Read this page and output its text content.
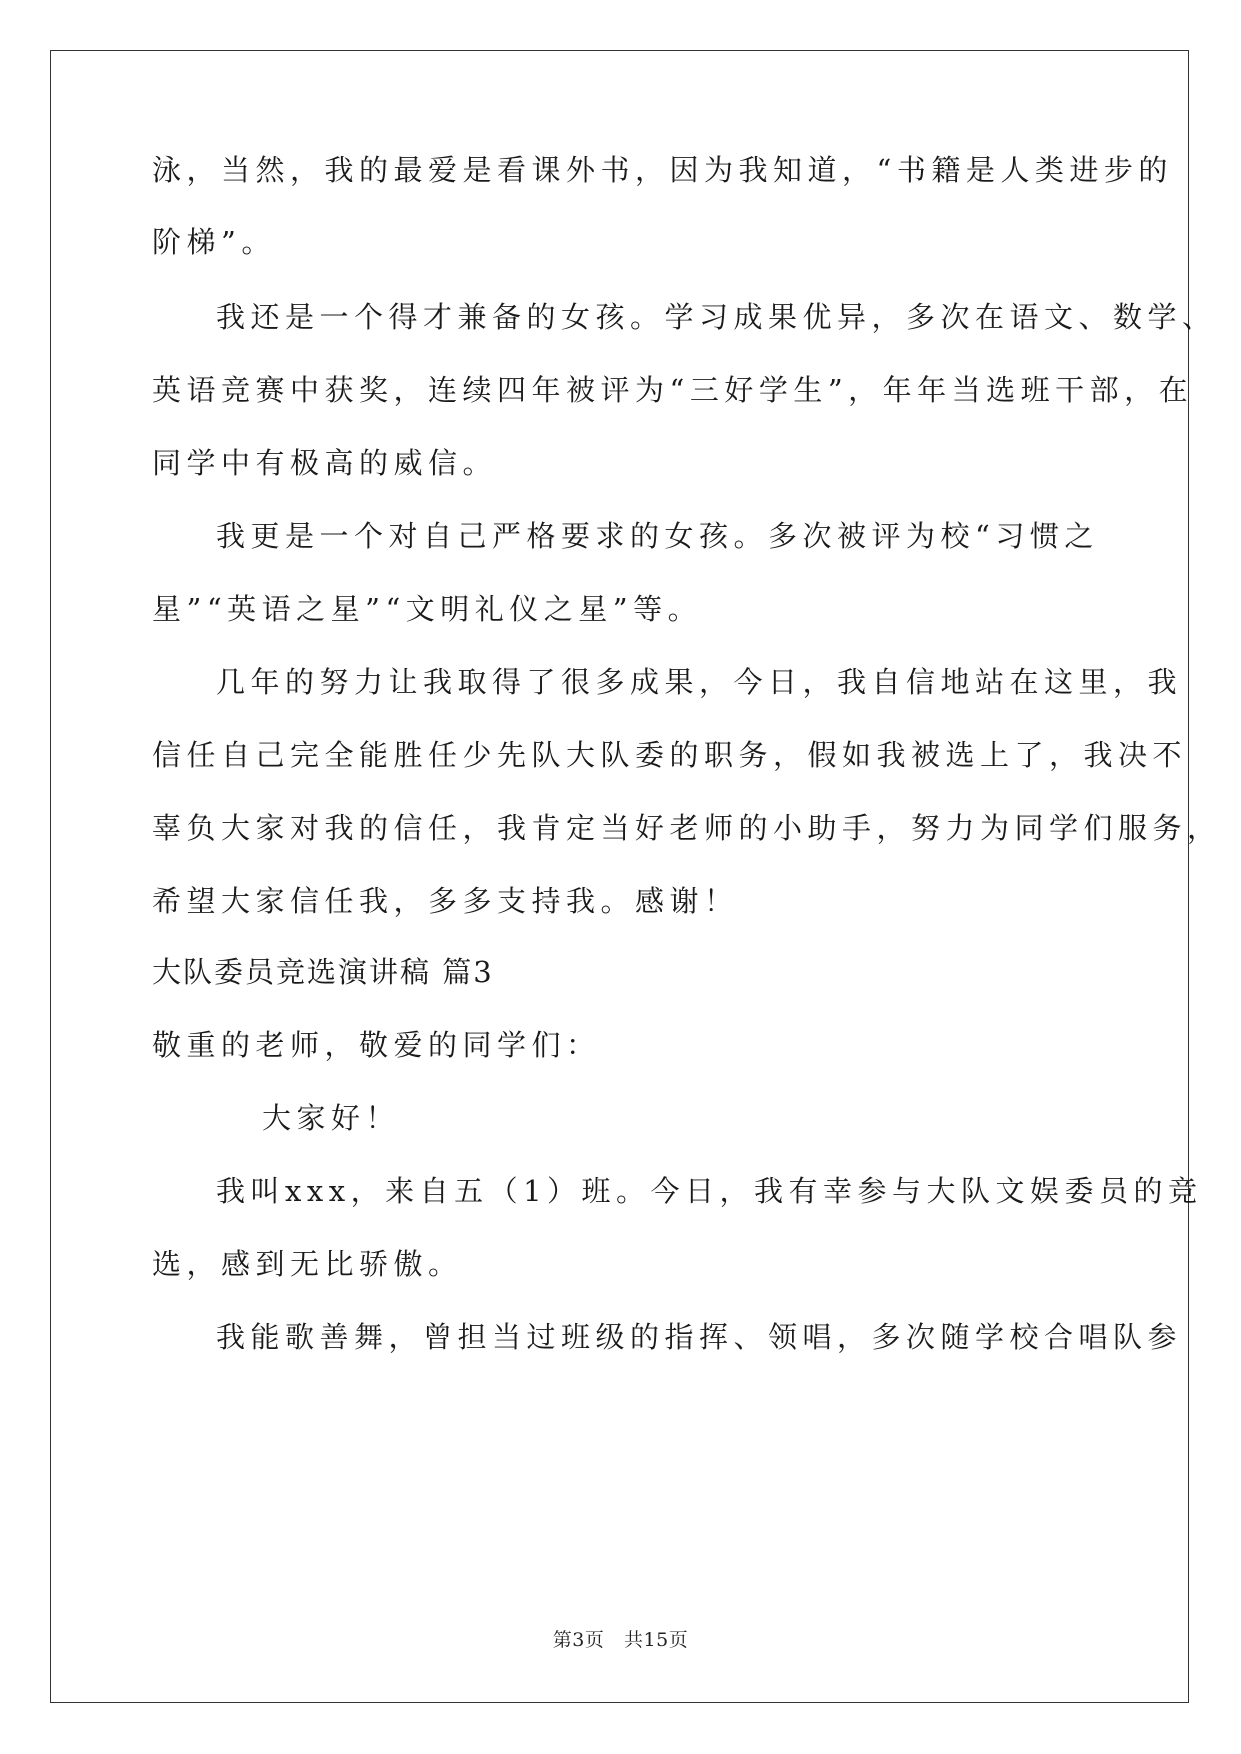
泳，当然，我的最爱是看课外书，因为我知道，“书籍是人类进步的
阶梯”。
我还是一个得才兼备的女孩。学习成果优异，多次在语文、数学、
英语竞赛中获奖，连续四年被评为“三好学生”，年年当选班干部，在
同学中有极高的威信。
我更是一个对自己严格要求的女孩。多次被评为校“习惯之
星”“英语之星”“文明礼仪之星”等。
几年的努力让我取得了很多成果，今日，我自信地站在这里，我
信任自己完全能胜任少先队大队委的职务，假如我被选上了，我决不
辜负大家对我的信任，我肯定当好老师的小助手，努力为同学们服务，
希望大家信任我，多多支持我。感谢！
大队委员竞选演讲稿 篇3
敬重的老师，敬爱的同学们：
大家好！
我叫xxx，来自五（1）班。今日，我有幸参与大队文娱委员的竞
选，感到无比骄傲。
我能歌善舞，曾担当过班级的指挥、领唱，多次随学校合唱队参
第3页 共15页
